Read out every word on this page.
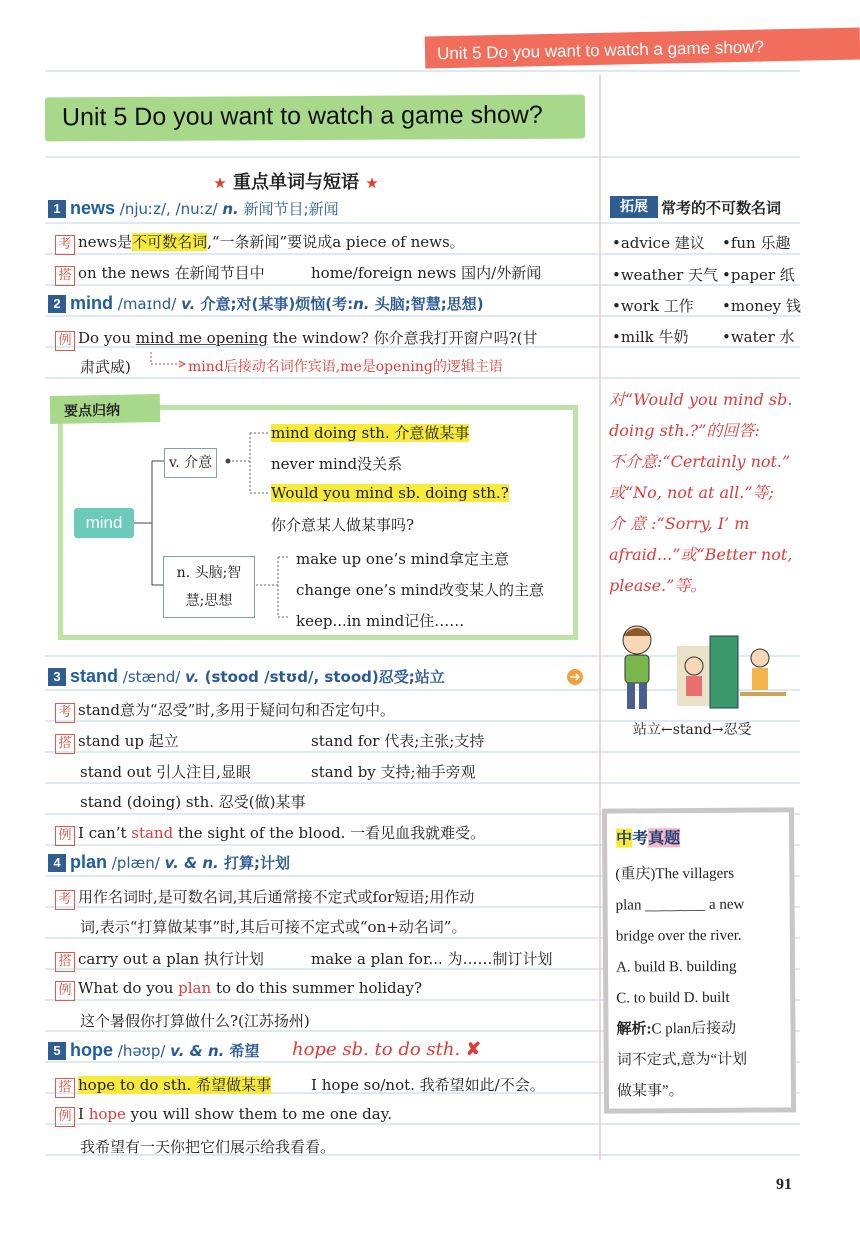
Unit 5 Do you want to watch a game show?
Unit 5 Do you want to watch a game show?
★ 重点单词与短语 ★
1 news /njuːz/, /nuːz/ n. 新闻节目;新闻
考 news是不可数名词,“一条新闻”要说成a piece of news。
搭 on the news 在新闻节目中	home/foreign news 国内/外新闻
2 mind /maɪnd/ v. 介意;对(某事)烦恼(考:n. 头脑;智慧;思想)
例 Do you mind me opening the window? 你介意我打开窗户吗?(甘
肃武威)	mind后接动名词作宾语,me是opening的逻辑主语
要点归纳
mind
v. 介意
mind doing sth. 介意做某事
never mind没关系
Would you mind sb. doing sth.?
你介意某人做某事吗?
n. 头脑;智
慧;思想
make up one’s mind拿定主意
change one’s mind改变某人的主意
keep...in mind记住……
3 stand /stænd/ v. (stood /stʊd/, stood)忍受;站立
考 stand意为“忍受”时,多用于疑问句和否定句中。
搭 stand up 起立	stand for 代表;主张;支持
stand out 引人注目,显眼	stand by 支持;袖手旁观
stand (doing) sth. 忍受(做)某事
例 I can’t stand the sight of the blood. 一看见血我就难受。
4 plan /plæn/ v. & n. 打算;计划
考 用作名词时,是可数名词,其后通常接不定式或for短语;用作动
词,表示“打算做某事”时,其后可接不定式或“on+动名词”。
搭 carry out a plan 执行计划	make a plan for... 为……制订计划
例 What do you plan to do this summer holiday?
这个暑假你打算做什么?(江苏扬州)
5 hope /həʊp/ v. & n. 希望 hope sb. to do sth. ✘
搭 hope to do sth. 希望做某事	I hope so/not. 我希望如此/不会。
例 I hope you will show them to me one day.
我希望有一天你把它们展示给我看看。
拓展 常考的不可数名词
•advice 建议 •fun 乐趣
•weather 天气 •paper 纸
•work 工作 •money 钱
•milk 牛奶 •water 水
对“Would you mind sb.
doing sth.?”的回答:
不介意:“Certainly not.”
或“No, not at all.”等;
介 意 :“Sorry, I’ m
afraid...”或“Better not,
please.”等。
站立←stand→忍受
中考真题
(重庆)The villagers
plan ________ a new
bridge over the river.
A. build B. building
C. to build D. built
解析:C plan后接动
词不定式,意为“计划
做某事”。
91
